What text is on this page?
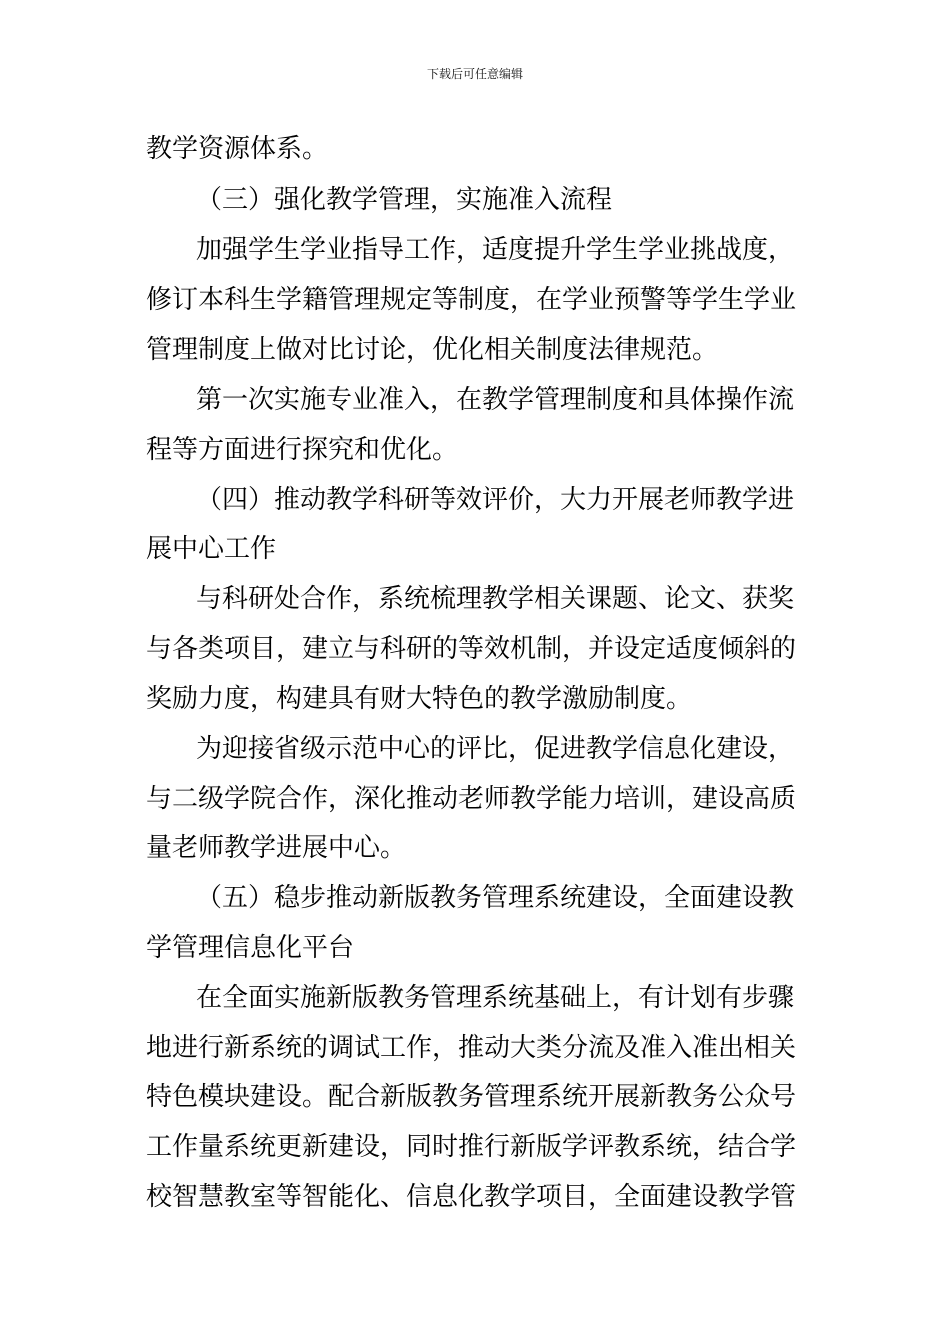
下载后可任意编辑
教学资源体系。
（三）强化教学管理，实施准入流程
加强学生学业指导工作，适度提升学生学业挑战度，
修订本科生学籍管理规定等制度，在学业预警等学生学业
管理制度上做对比讨论，优化相关制度法律规范。
第一次实施专业准入，在教学管理制度和具体操作流
程等方面进行探究和优化。
（四）推动教学科研等效评价，大力开展老师教学进
展中心工作
与科研处合作，系统梳理教学相关课题、论文、获奖
与各类项目，建立与科研的等效机制，并设定适度倾斜的
奖励力度，构建具有财大特色的教学激励制度。
为迎接省级示范中心的评比，促进教学信息化建设，
与二级学院合作，深化推动老师教学能力培训，建设高质
量老师教学进展中心。
（五）稳步推动新版教务管理系统建设，全面建设教
学管理信息化平台
在全面实施新版教务管理系统基础上，有计划有步骤
地进行新系统的调试工作，推动大类分流及准入准出相关
特色模块建设。配合新版教务管理系统开展新教务公众号
工作量系统更新建设，同时推行新版学评教系统，结合学
校智慧教室等智能化、信息化教学项目，全面建设教学管
